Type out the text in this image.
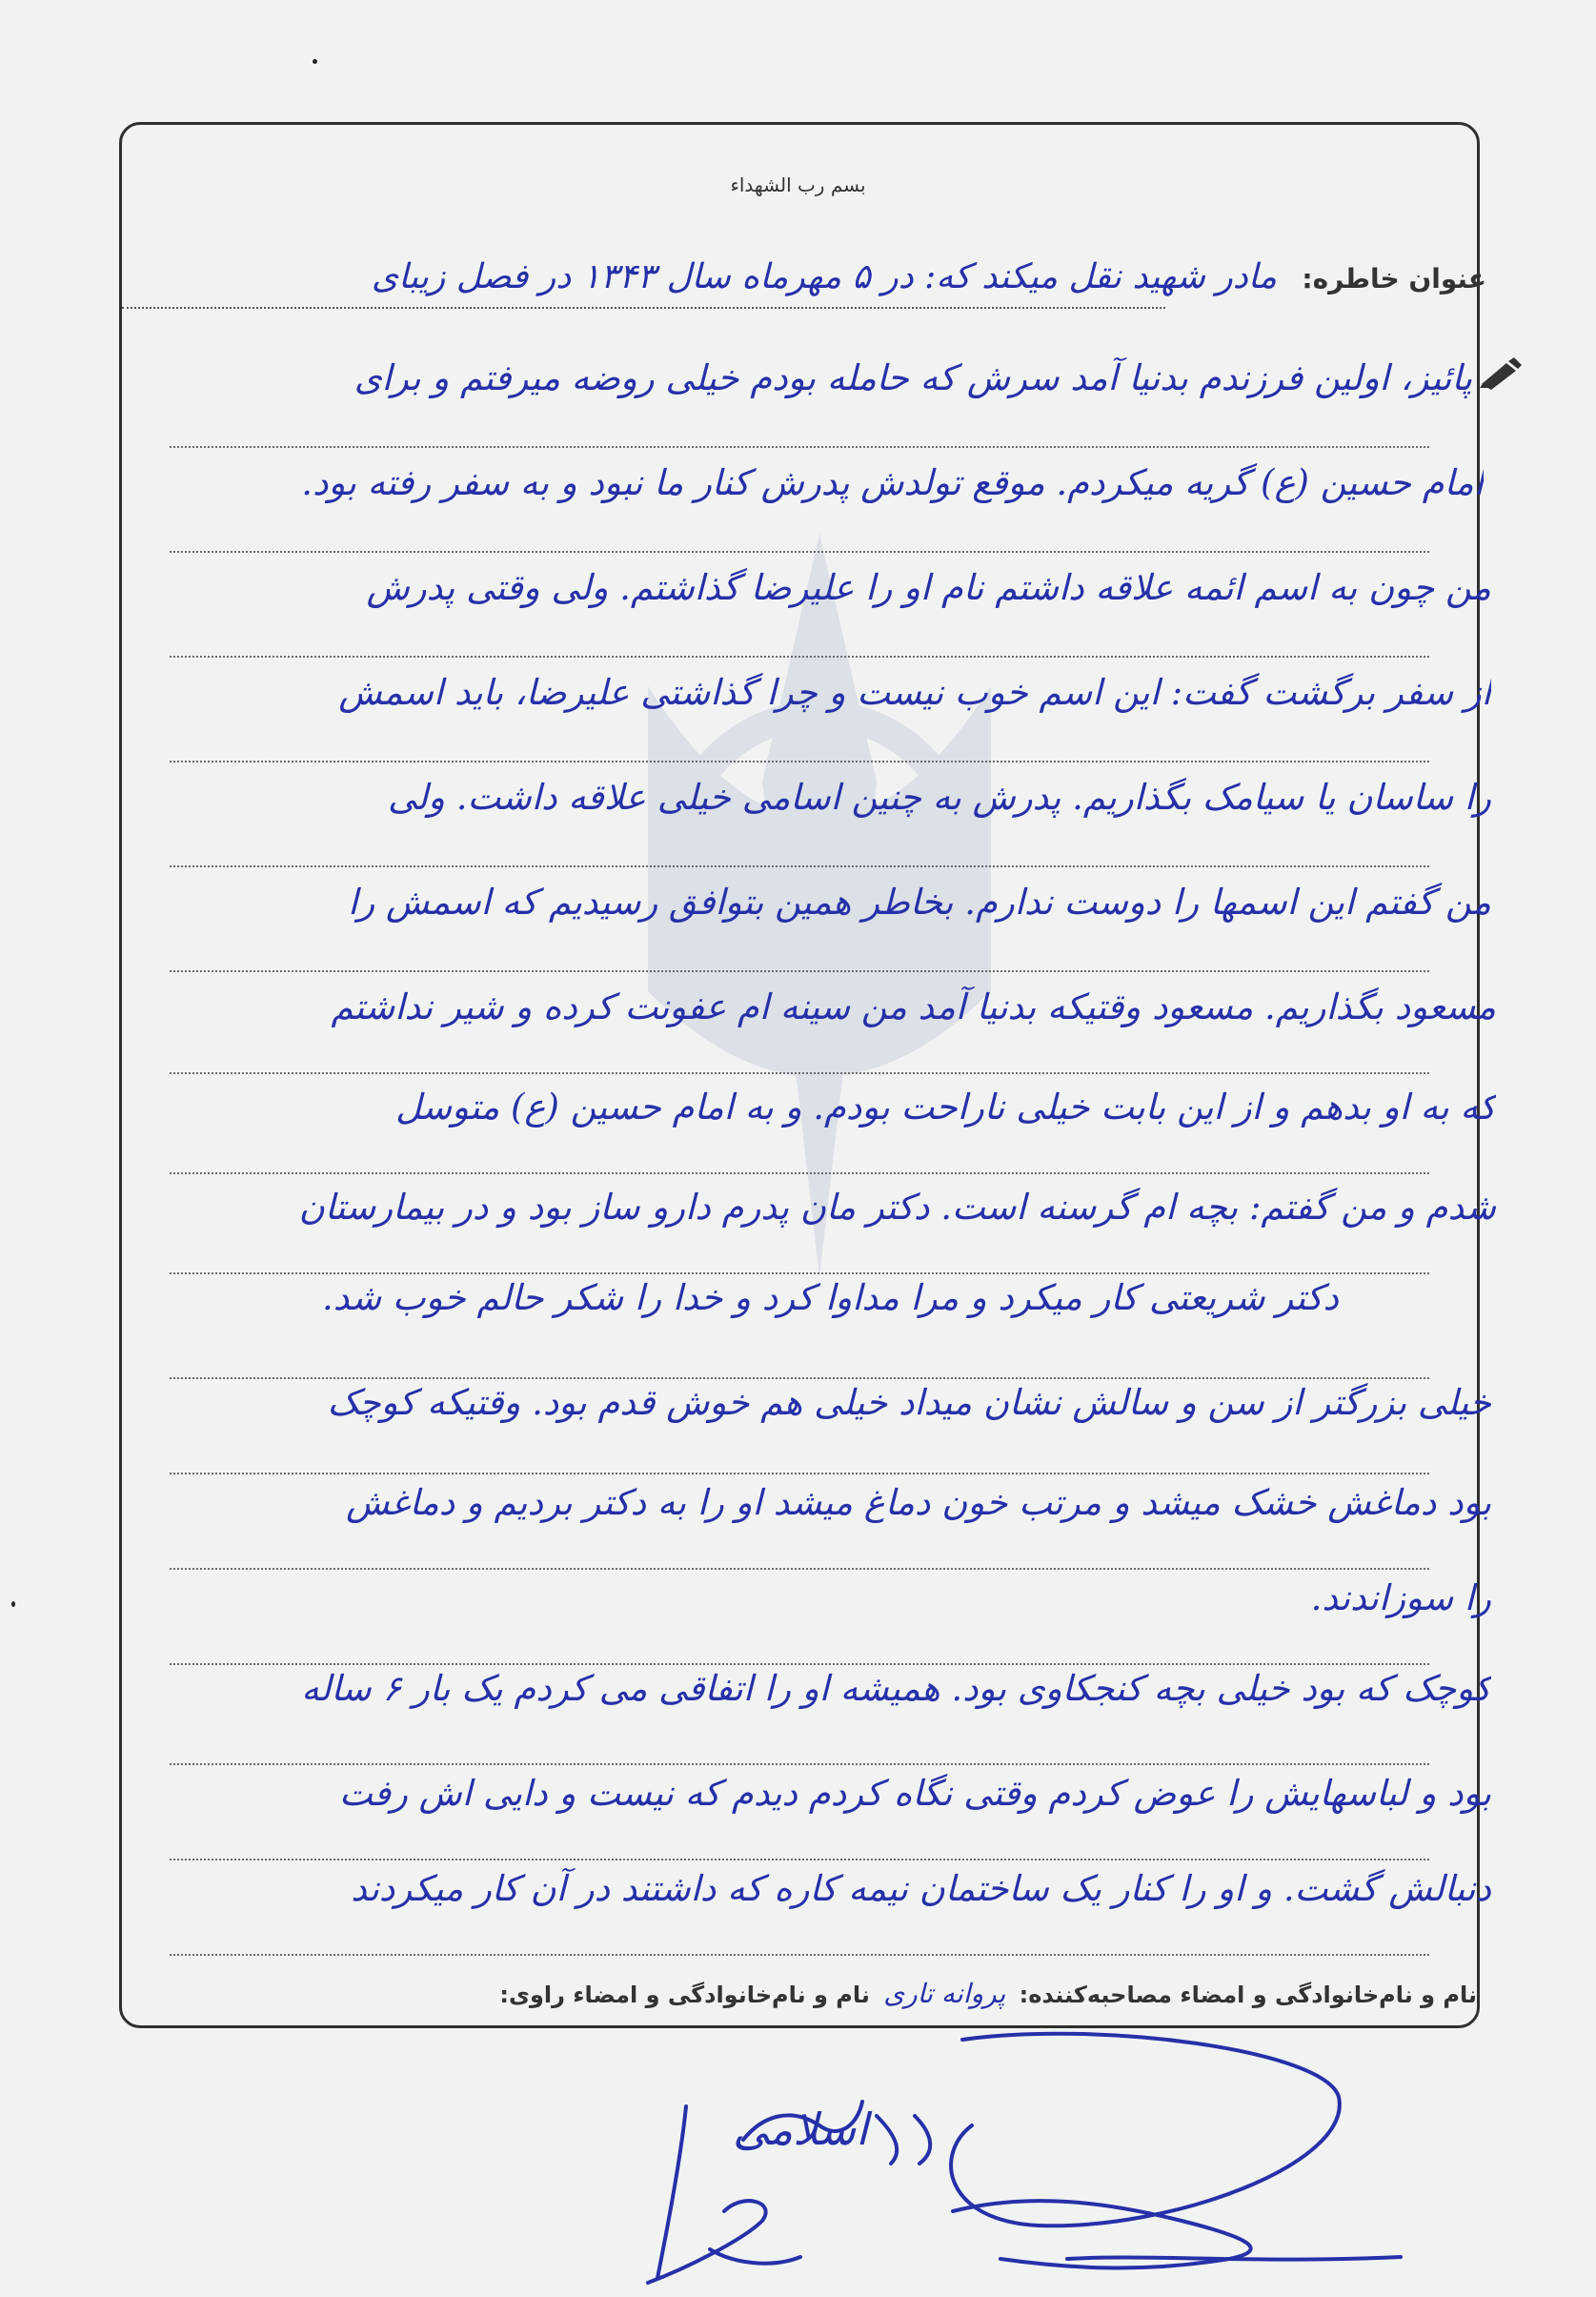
بسم رب الشهداء
عنوان خاطره:
مادر شهید نقل میکند که: در ۵ مهرماه سال ۱۳۴۳ در فصل زیبای
پائیز، اولین فرزندم بدنیا آمد سرش که حامله بودم خیلی روضه میرفتم و برای
امام حسین (ع) گریه میکردم. موقع تولدش پدرش کنار ما نبود و به سفر رفته بود.
من چون به اسم ائمه علاقه داشتم نام او را علیرضا گذاشتم. ولی وقتی پدرش
از سفر برگشت گفت: این اسم خوب نیست و چرا گذاشتی علیرضا، باید اسمش
را ساسان یا سیامک بگذاریم. پدرش به چنین اسامی خیلی علاقه داشت. ولی
من گفتم این اسمها را دوست ندارم. بخاطر همین بتوافق رسیدیم که اسمش را
مسعود بگذاریم. مسعود وقتیکه بدنیا آمد من سینه ام عفونت کرده و شیر نداشتم
که به او بدهم و از این بابت خیلی ناراحت بودم. و به امام حسین (ع) متوسل
شدم و من گفتم: بچه ام گرسنه است. دکتر مان پدرم دارو ساز بود و در بیمارستان
دکتر شریعتی کار میکرد و مرا مداوا کرد و خدا را شکر حالم خوب شد.
خیلی بزرگتر از سن و سالش نشان میداد خیلی هم خوش قدم بود. وقتیکه کوچک
بود دماغش خشک میشد و مرتب خون دماغ میشد او را به دکتر بردیم و دماغش
را سوزاندند.
کوچک که بود خیلی بچه کنجکاوی بود. همیشه او را اتفاقی می کردم یک بار ۶ ساله
بود و لباسهایش را عوض کردم وقتی نگاه کردم دیدم که نیست و دایی اش رفت
دنبالش گشت. و او را کنار یک ساختمان نیمه کاره که داشتند در آن کار میکردند
نام و نام‌خانوادگی و امضاء مصاحبه‌کننده: پروانه تاری نام و نام‌خانوادگی و امضاء راوی:
اسلامی
